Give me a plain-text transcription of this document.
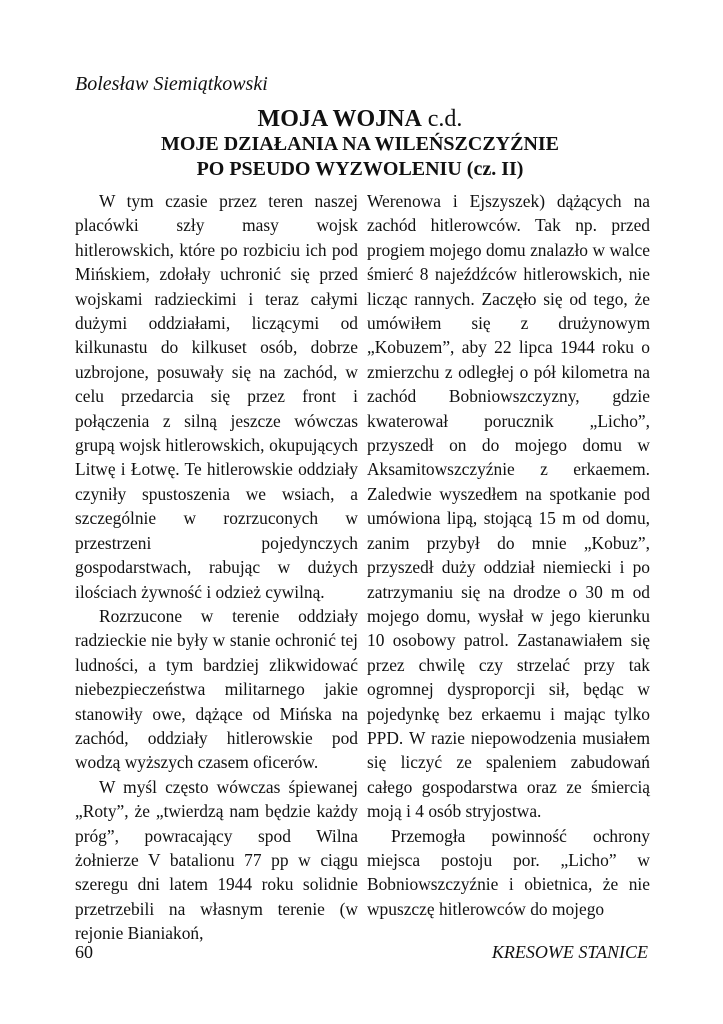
Bolesław Siemiątkowski
MOJA WOJNA c.d.
MOJE DZIAŁANIA NA WILEŃSZCZYŹNIE
PO PSEUDO WYZWOLENIU (cz. II)

W tym czasie przez teren naszej placówki szły masy wojsk hitlerowskich, które po rozbiciu ich pod Mińskiem, zdołały uchronić się przed wojskami radzieckimi i teraz całymi dużymi oddziałami, liczącymi od kilkunastu do kilkuset osób, dobrze uzbrojone, posuwały się na zachód, w celu przedarcia się przez front i połączenia z silną jeszcze wówczas grupą wojsk hitlerowskich, okupujących Litwę i Łotwę. Te hitlerowskie oddziały czyniły spustoszenia we wsiach, a szczególnie w rozrzuconych w przestrzeni pojedynczych gospodarstwach, rabując w dużych ilościach żywność i odzież cywilną.

Rozrzucone w terenie oddziały radzieckie nie były w stanie ochronić tej ludności, a tym bardziej zlikwidować niebezpieczeństwa militarnego jakie stanowiły owe, dążące od Mińska na zachód, oddziały hitlerowskie pod wodzą wyższych czasem oficerów.

W myśl często wówczas śpiewanej „Roty”, że „twierdzą nam będzie każdy próg”, powracający spod Wilna żołnierze V batalionu 77 pp w ciągu szeregu dni latem 1944 roku solidnie przetrzebili na własnym terenie (w rejonie Bianiakoń,

Werenowa i Ejszyszek) dążących na zachód hitlerowców. Tak np. przed progiem mojego domu znalazło w walce śmierć 8 najeźdźców hitlerowskich, nie licząc rannych. Zaczęło się od tego, że umówiłem się z drużynowym „Kobuzem”, aby 22 lipca 1944 roku o zmierzchu z odległej o pół kilometra na zachód Bobniowszczyzny, gdzie kwaterował porucznik „Licho”, przyszedł on do mojego domu w Aksamitowszczyźnie z erkaemem. Zaledwie wyszedłem na spotkanie pod umówiona lipą, stojącą 15 m od domu, zanim przybył do mnie „Kobuz”, przyszedł duży oddział niemiecki i po zatrzymaniu się na drodze o 30 m od mojego domu, wysłał w jego kierunku 10 osobowy patrol. Zastanawiałem się przez chwilę czy strzelać przy tak ogromnej dysproporcji sił, będąc w pojedynkę bez erkaemu i mając tylko PPD. W razie niepowodzenia musiałem się liczyć ze spaleniem zabudowań całego gospodarstwa oraz ze śmiercią moją i 4 osób stryjostwa.

Przemogła powinność ochrony miejsca postoju por. „Licho” w Bobniowszczyźnie i obietnica, że nie wpuszczę hitlerowców do mojego

60	KRESOWE STANICE
